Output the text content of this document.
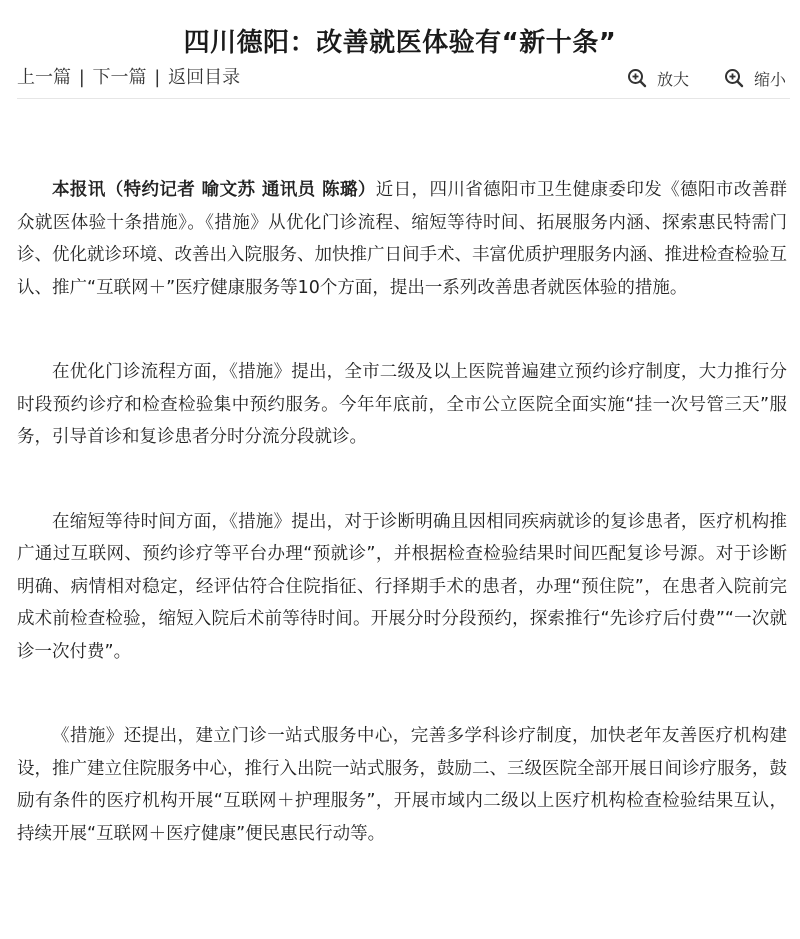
四川德阳：改善就医体验有“新十条”
上一篇 | 下一篇 | 返回目录	放大	缩小

本报讯（特约记者 喻文苏 通讯员 陈璐）近日，四川省德阳市卫生健康委印发《德阳市改善群众就医体验十条措施》。《措施》从优化门诊流程、缩短等待时间、拓展服务内涵、探索惠民特需门诊、优化就诊环境、改善出入院服务、加快推广日间手术、丰富优质护理服务内涵、推进检查检验互认、推广“互联网＋”医疗健康服务等10个方面，提出一系列改善患者就医体验的措施。

在优化门诊流程方面，《措施》提出，全市二级及以上医院普遍建立预约诊疗制度，大力推行分时段预约诊疗和检查检验集中预约服务。今年年底前，全市公立医院全面实施“挂一次号管三天”服务，引导首诊和复诊患者分时分流分段就诊。

在缩短等待时间方面，《措施》提出，对于诊断明确且因相同疾病就诊的复诊患者，医疗机构推广通过互联网、预约诊疗等平台办理“预就诊”，并根据检查检验结果时间匹配复诊号源。对于诊断明确、病情相对稳定，经评估符合住院指征、行择期手术的患者，办理“预住院”，在患者入院前完成术前检查检验，缩短入院后术前等待时间。开展分时分段预约，探索推行“先诊疗后付费”“一次就诊一次付费”。

《措施》还提出，建立门诊一站式服务中心，完善多学科诊疗制度，加快老年友善医疗机构建设，推广建立住院服务中心，推行入出院一站式服务，鼓励二、三级医院全部开展日间诊疗服务，鼓励有条件的医疗机构开展“互联网＋护理服务”，开展市域内二级以上医疗机构检查检验结果互认，持续开展“互联网＋医疗健康”便民惠民行动等。
